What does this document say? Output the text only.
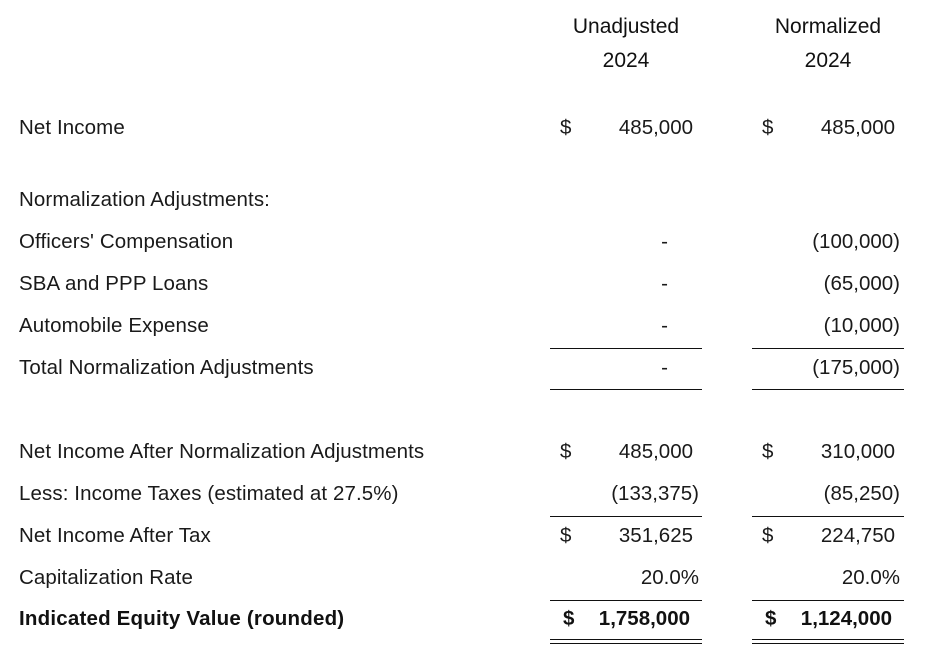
Unadjusted
2024
Normalized
2024
Net Income	$	485,000	$	485,000
Normalization Adjustments:
Officers' Compensation	-	(100,000)
SBA and PPP Loans	-	(65,000)
Automobile Expense	-	(10,000)
Total Normalization Adjustments	-	(175,000)
Net Income After Normalization Adjustments	$	485,000	$	310,000
Less: Income Taxes (estimated at 27.5%)	(133,375)	(85,250)
Net Income After Tax	$	351,625	$	224,750
Capitalization Rate	20.0%	20.0%
Indicated Equity Value (rounded)	$	1,758,000	$	1,124,000
